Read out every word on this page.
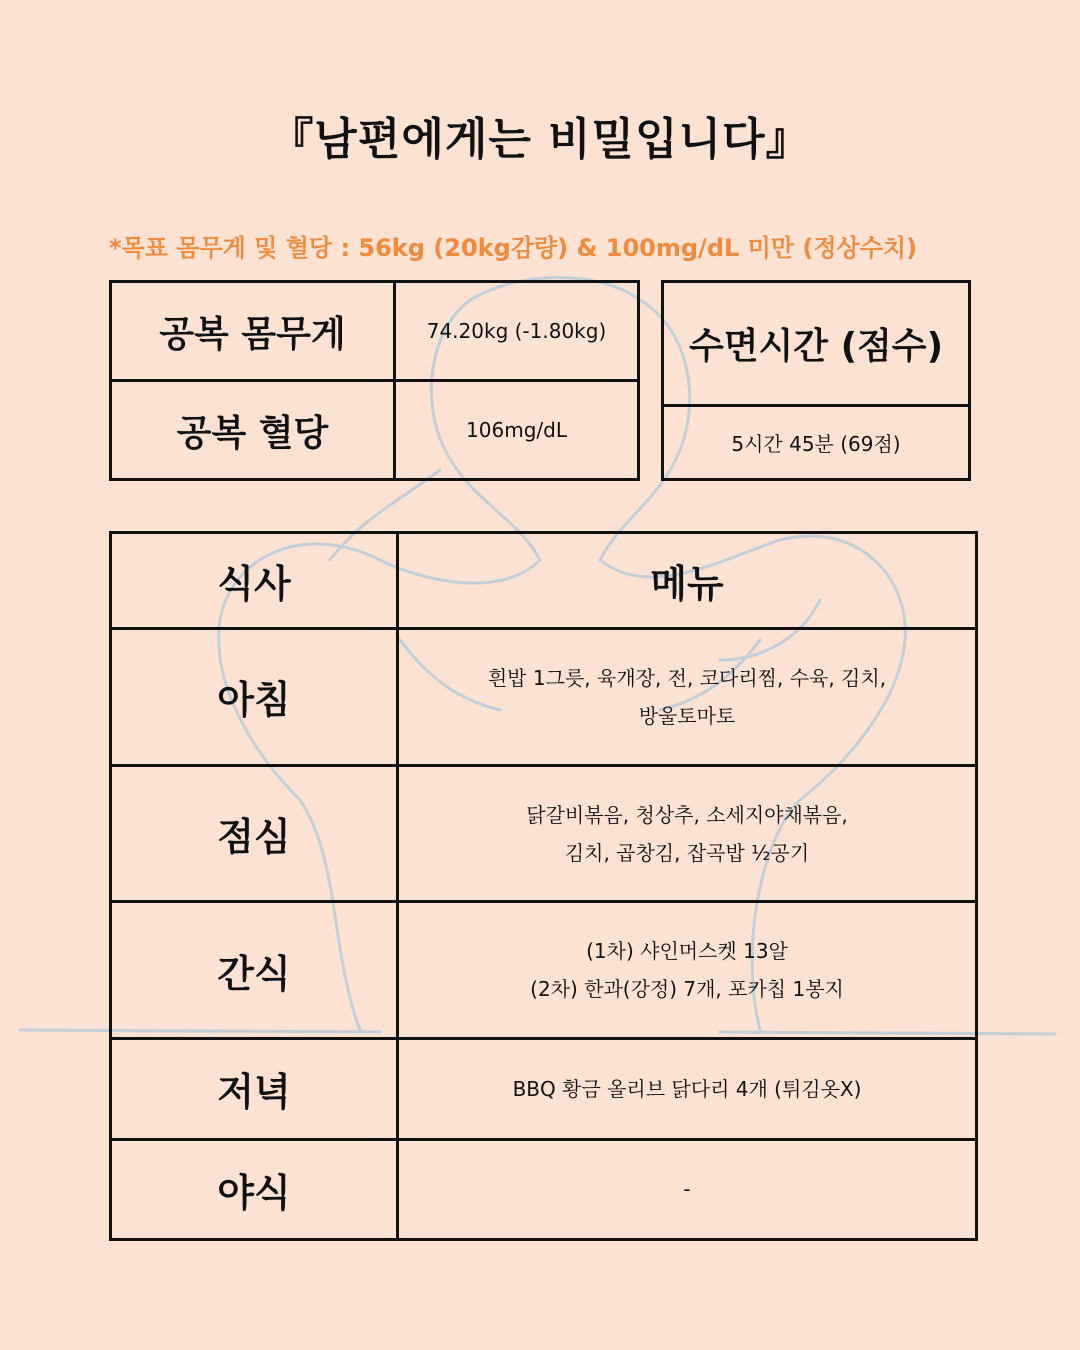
『남편에게는 비밀입니다』
*목표 몸무게 및 혈당 : 56kg (20kg감량) & 100mg/dL 미만 (정상수치)
공복 몸무게	74.20kg (-1.80kg)
공복 혈당	106mg/dL
수면시간 (점수)
5시간 45분 (69점)
식사	메뉴
아침	흰밥 1그릇, 육개장, 전, 코다리찜, 수육, 김치,
방울토마토

점심	닭갈비볶음, 청상추, 소세지야채볶음,
김치, 곱창김, 잡곡밥 ½공기

간식	(1차) 샤인머스켓 13알
(2차) 한과(강정) 7개, 포카칩 1봉지

저녁	BBQ 황금 올리브 닭다리 4개 (튀김옷X)

야식	-
